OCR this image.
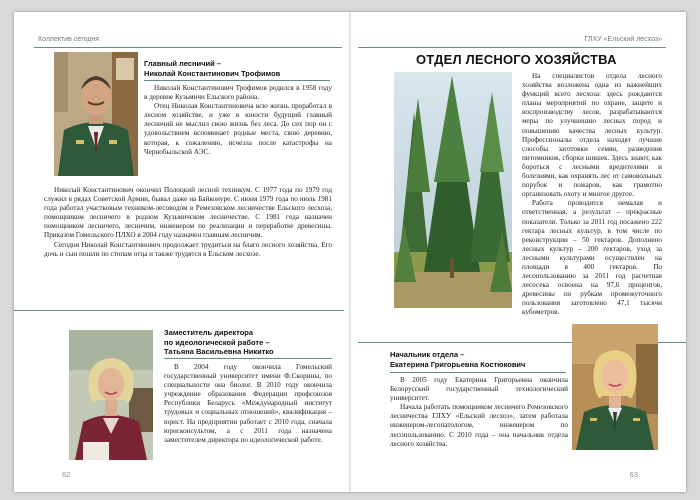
Коллектив сегодня
Главный лесничий –
Николай Константинович Трофимов

Николай Константинович Трофимов родился в 1958 году в деревне Кузьмичи Ельского района.

Отец Николая Константиновича всю жизнь проработал в лесном хозяйстве, и уже в юности будущий главный лесничий не мыслил свою жизнь без леса. До сих пор он с удовольствием вспоминает родные места, свою деревню, которая, к сожалению, исчезла после катастрофы на Чернобыльской АЭС.

Николай Константинович окончил Полоцкий лесной техникум. С 1977 года по 1979 год служил в рядах Советской Армии, бывал даже на Байконуре. С июня 1979 года по июль 1981 года работал участковым техником-лесоводом в Ремезовском лесничестве Ельского лесхоза, помощником лесничего в родном Кузьмичском лесничестве. С 1981 года назначен помощником лесничего, лесничим, инженером по реализации и переработке древесины. Приказом Гомельского ПЛХО в 2004 году назначен главным лесничим.

Сегодня Николай Константинович продолжает трудиться на благо лесного хозяйства. Его дочь и сын пошли по стопам отца и также трудятся в Ельском лесхозе.

Заместитель директора
по идеологической работе –
Татьяна Васильевна Никитко

В 2004 году окончила Гомельский государственный университет имени Ф.Скорины, по специальности она биолог. В 2010 году окончила учреждение образования Федерации профсоюзов Республики Беларусь «Международный институт трудовых и социальных отношений», квалификация – юрист. На предприятии работает с 2010 года, сначала юрисконсультом, а с 2011 года назначена заместителем директора по идеологической работе.

62
ГЛХУ «Ельский лесхоз»
ОТДЕЛ ЛЕСНОГО ХОЗЯЙСТВА

На специалистов отдела лесного хозяйства возложена одна из важнейших функций всего лесхоза: здесь рождаются планы мероприятий по охране, защите и воспроизводству лесов, разрабатываются меры по улучшению лесных пород и повышению качества лесных культур. Профессионалы отдела находят лучшие способы заготовки семян, разведения питомников, сборки шишек. Здесь знают, как бороться с лесными вредителями и болезнями, как охранять лес от самовольных порубок и пожаров, как грамотно организовать охоту и многое другое.

Работа проводится немалая и ответственная, а результат – прекрасные показатели. Только за 2011 год посажено 222 гектара лесных культур, в том числе по реконструкции – 50 гектаров. Дополнено лесных культур – 200 гектаров, уход за лесными культурами осуществлен на площади в 400 гектаров. По лесопользованию за 2011 год расчетная лесосека освоена на 97,6 процентов, древесины по рубкам промежуточного пользования заготовлено 47,1 тысячи кубометров.

Начальник отдела –
Екатерина Григорьевна Костюкович

В 2005 году Екатерина Григорьевна окончила Белорусский государственный технологический университет.

Начала работать помощником лесничего Ремезовского лесничества ГЛХУ «Ельский лесхоз», затем работала инженером-лесопатологом, инженером по лесопользованию. С 2010 года – она начальник отдела лесного хозяйства.

63
